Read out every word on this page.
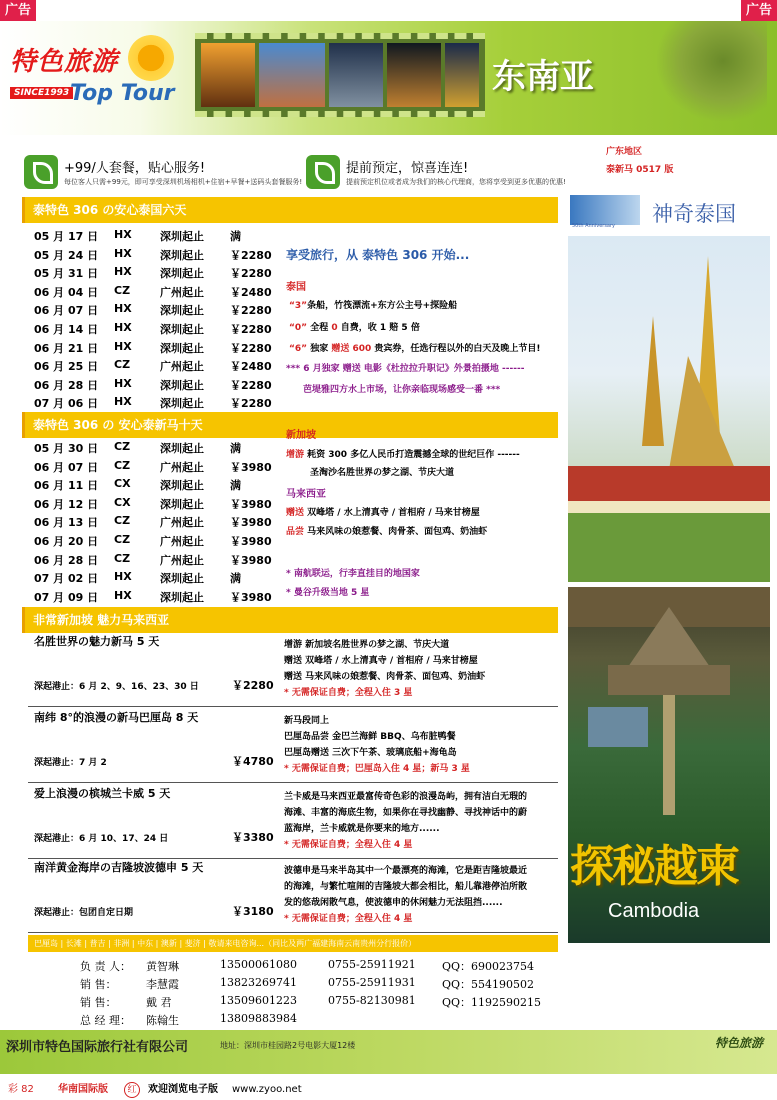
广告	广告
特色旅游
SINCE1993 Top Tour	东南亚
+99/人套餐，贴心服务!
每位客人只需+99元，即可享受深圳机场相机+住宿+早餐+送码头套餐服务!
提前预定，惊喜连连!
提前预定机位或者成为我们的核心代理商，您将享受到更多优惠的优惠!
广东地区
泰新马 0517 版
50th Anniversary 神奇泰国
泰特色 306 の安心泰国六天
05 月 17 日	HX	深圳起止	满
05 月 24 日	HX	深圳起止	￥2280
05 月 31 日	HX	深圳起止	￥2280
06 月 04 日	CZ	广州起止	￥2480
06 月 07 日	HX	深圳起止	￥2280
06 月 14 日	HX	深圳起止	￥2280
06 月 21 日	HX	深圳起止	￥2280
06 月 25 日	CZ	广州起止	￥2480
06 月 28 日	HX	深圳起止	￥2280
07 月 06 日	HX	深圳起止	￥2280
泰特色 306 の 安心泰新马十天
05 月 30 日	CZ	深圳起止	满
06 月 07 日	CZ	广州起止	￥3980
06 月 11 日	CX	深圳起止	满
06 月 12 日	CX	深圳起止	￥3980
06 月 13 日	CZ	广州起止	￥3980
06 月 20 日	CZ	广州起止	￥3980
06 月 28 日	CZ	广州起止	￥3980
07 月 02 日	HX	深圳起止	满
07 月 09 日	HX	深圳起止	￥3980
享受旅行，从 泰特色 306 开始...
泰国
“3”条船，竹筏漂流+东方公主号+探险船
“0” 全程 0 自费，收 1 赔 5 倍
“6” 独家 赠送 600 贵宾券，任选行程以外的白天及晚上节目!
*** 6 月独家 赠送 电影《杜拉拉升职记》外景拍摄地 ------
芭堤雅四方水上市场，让你亲临现场感受一番 ***
新加坡
增游 耗资 300 多亿人民币打造震撼全球的世纪巨作 ------
圣淘沙名胜世界の梦之湖、节庆大道
马来西亚
赠送 双峰塔 / 水上清真寺 / 首相府 / 马来甘榜屋
品尝 马来风味の娘惹餐、肉骨茶、面包鸡、奶油虾
* 南航联运，行李直挂目的地国家
* 曼谷升级当地 5 星
非常新加坡 魅力马来西亚
名胜世界の魅力新马 5 天
深起港止：6 月 2、9、16、23、30 日	￥2280
增游 新加坡名胜世界の梦之湖、节庆大道
赠送 双峰塔 / 水上清真寺 / 首相府 / 马来甘榜屋
赠送 马来风味の娘惹餐、肉骨茶、面包鸡、奶油虾
* 无需保证自费；全程入住 3 星
南纬 8°的浪漫の新马巴厘岛 8 天
深起港止：7 月 2	￥4780
新马段同上
巴厘岛品尝 金巴兰海鲜 BBQ、乌布脏鸭餐
巴厘岛赠送 三次下午茶、玻璃底船+海龟岛
* 无需保证自费；巴厘岛入住 4 星；新马 3 星
爱上浪漫の槟城兰卡威 5 天
深起港止：6 月 10、17、24 日	￥3380
兰卡威是马来西亚最富传奇色彩的浪漫岛屿，拥有洁白无瑕的
海滩、丰富的海底生物，如果你在寻找幽静、寻找神话中的蔚
蓝海岸，兰卡威就是你要来的地方......
* 无需保证自费；全程入住 4 星
南洋黄金海岸の吉隆坡波德申 5 天
深起港止：包团自定日期	￥3180
波德申是马来半岛其中一个最漂亮的海滩，它是距吉隆坡最近
的海滩，与繁忙喧闹的吉隆坡大都会相比，船儿靠港停泊所散
发的悠哉闲散气息，使波德申的休闲魅力无法阻挡......
* 无需保证自费；全程入住 4 星
探秘越柬
Cambodia
巴厘岛 | 长滩 | 普吉 | 非洲 | 中东 | 澳新 | 斐济 | 敬请来电咨询...（同比及两广福建海南云南贵州分行报价）
负 责 人： 黄智琳	13500061080	0755-25911921 QQ：690023754
销 售：	李慧霞	13823269741	0755-25911931 QQ：554190502
销 售：	戴 君	13509601223	0755-82130981 QQ：1192590215
总 经 理： 陈翰生	13809883984
深圳市特色国际旅行社有限公司	地址：深圳市桂园路2号电影大厦12楼	特色旅游
彩 82 华南国际版	红	欢迎浏览电子版 www.zyoo.net
